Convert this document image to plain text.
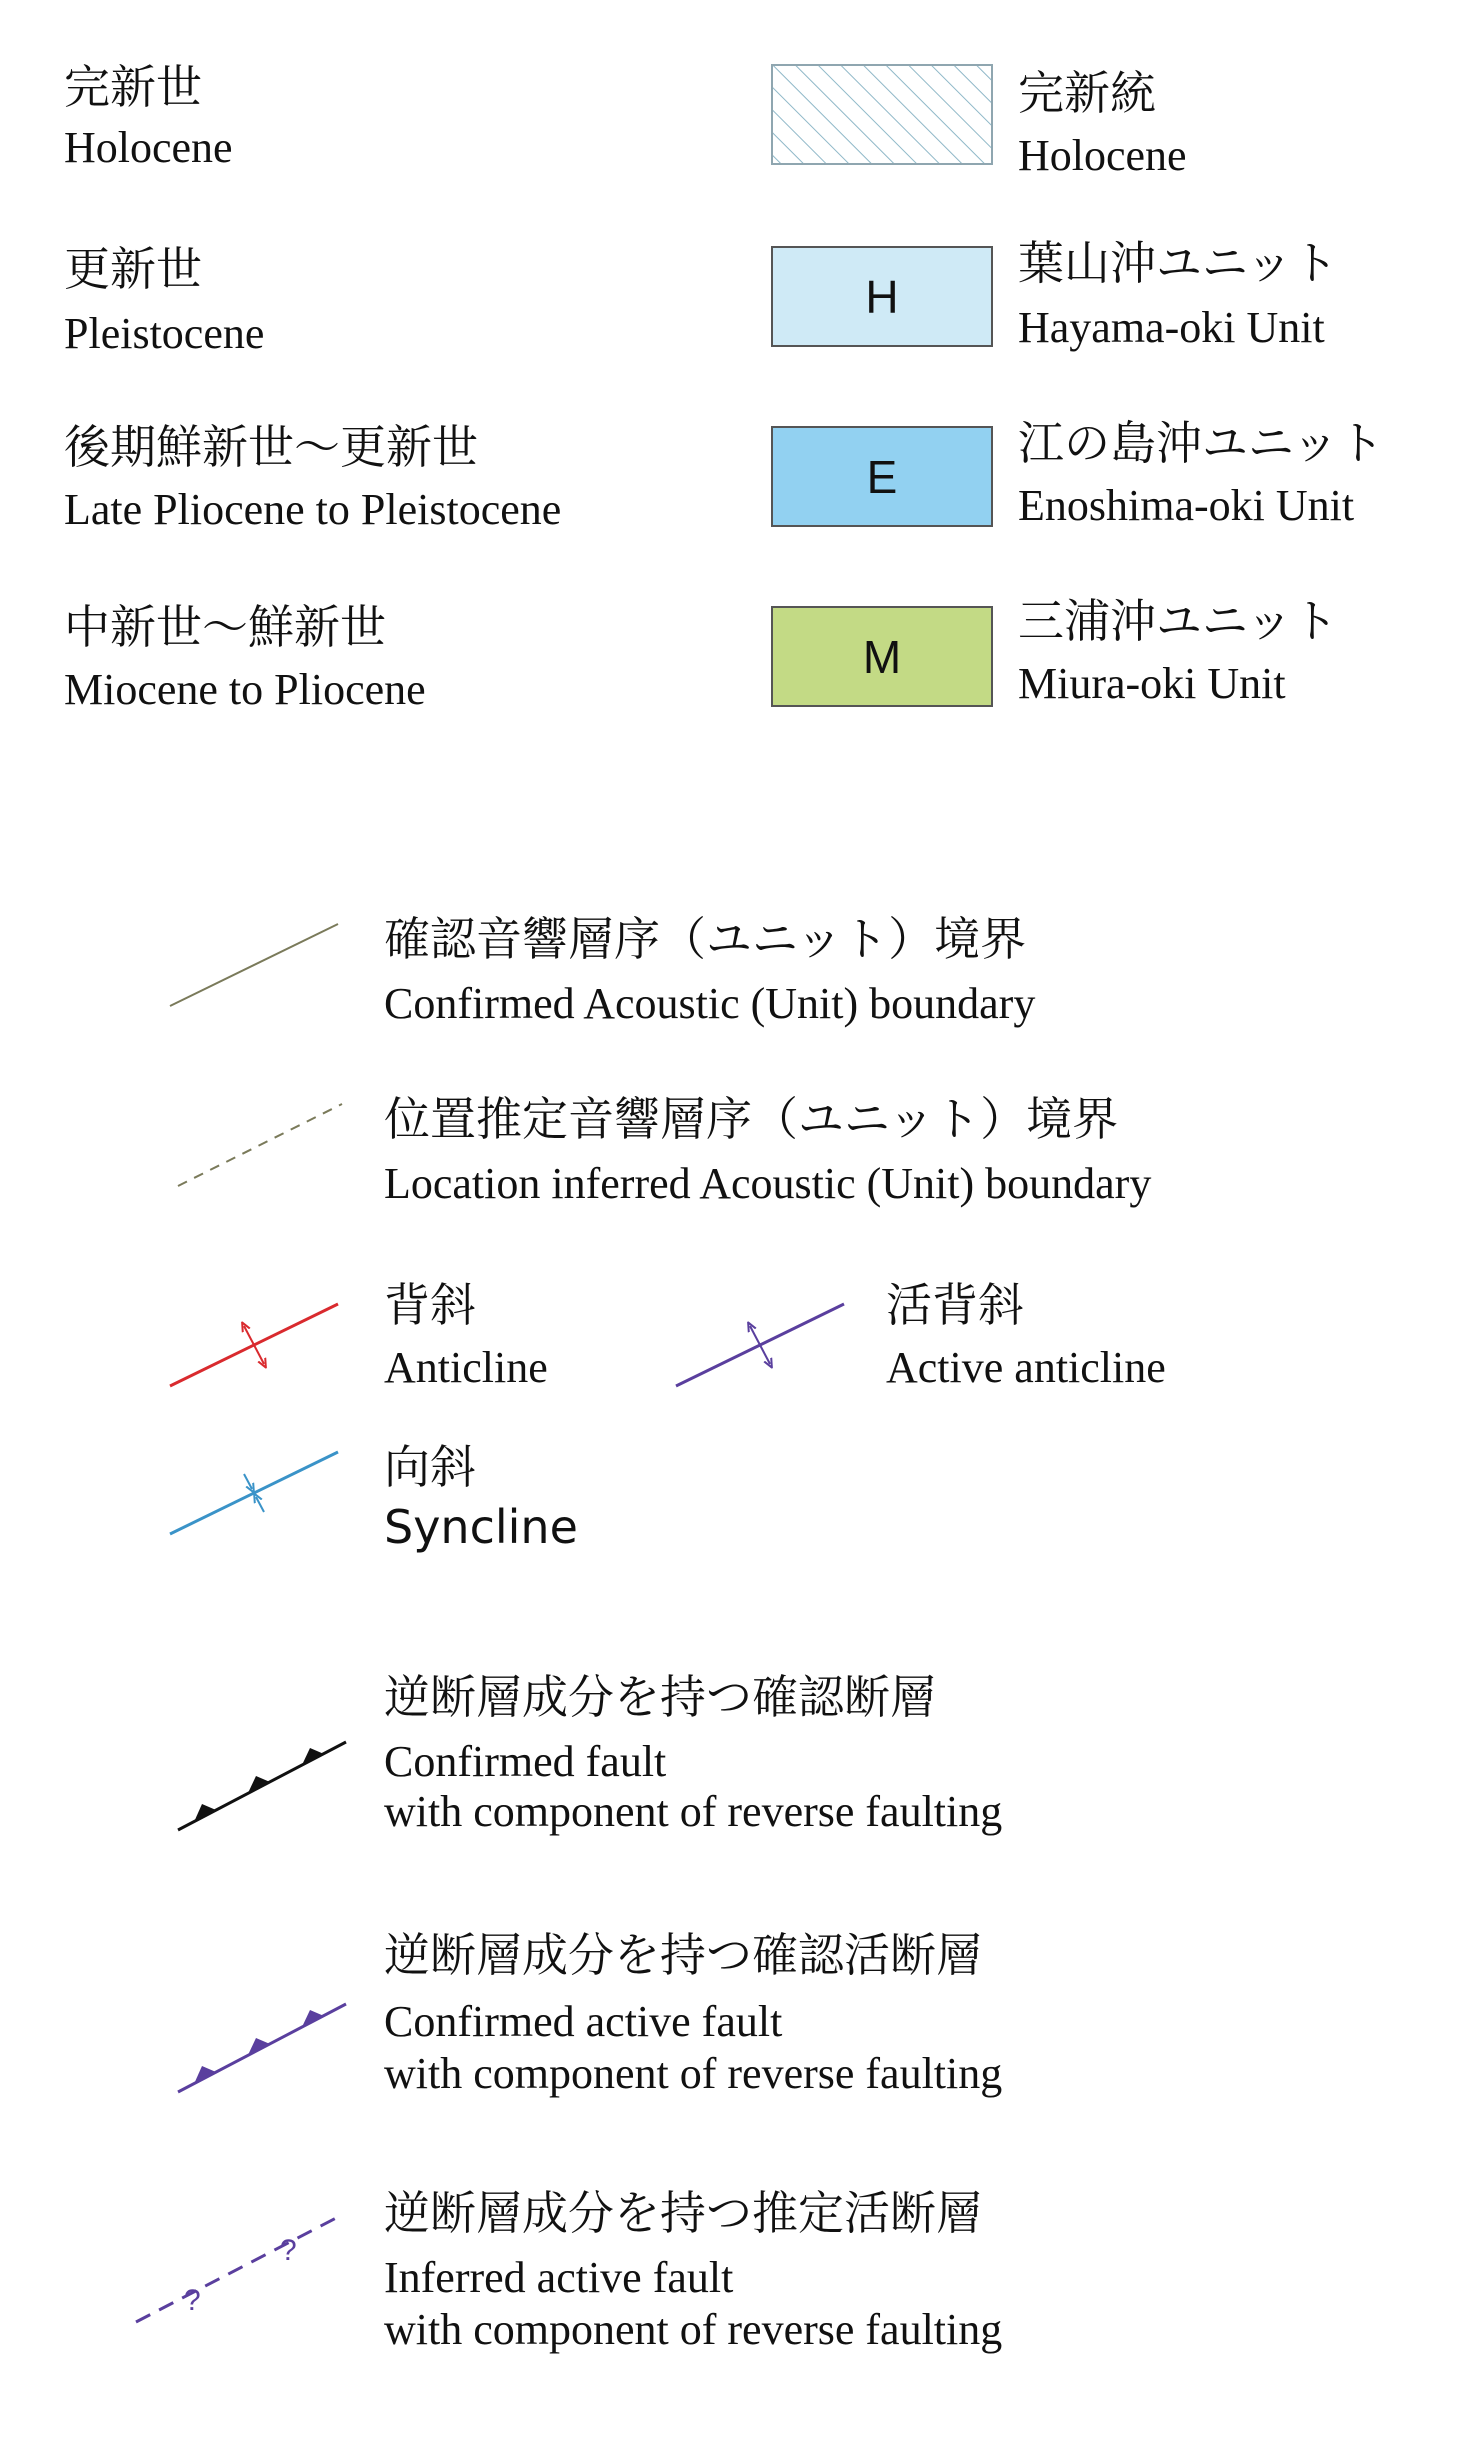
完新世
Holocene
更新世
Pleistocene
後期鮮新世〜更新世
Late Pliocene to Pleistocene
中新世〜鮮新世
Miocene to Pliocene
完新統
Holocene
H
葉山沖ユニット
Hayama-oki Unit
E
江の島沖ユニット
Enoshima-oki Unit
M
三浦沖ユニット
Miura-oki Unit
確認音響層序（ユニット）境界
Confirmed Acoustic (Unit) boundary
位置推定音響層序（ユニット）境界
Location inferred Acoustic (Unit) boundary
背斜
Anticline
活背斜
Active anticline
向斜
Syncline
逆断層成分を持つ確認断層
Confirmed fault
with component of reverse faulting
逆断層成分を持つ確認活断層
Confirmed active fault
with component of reverse faulting
?
?
逆断層成分を持つ推定活断層
Inferred active fault
with component of reverse faulting
